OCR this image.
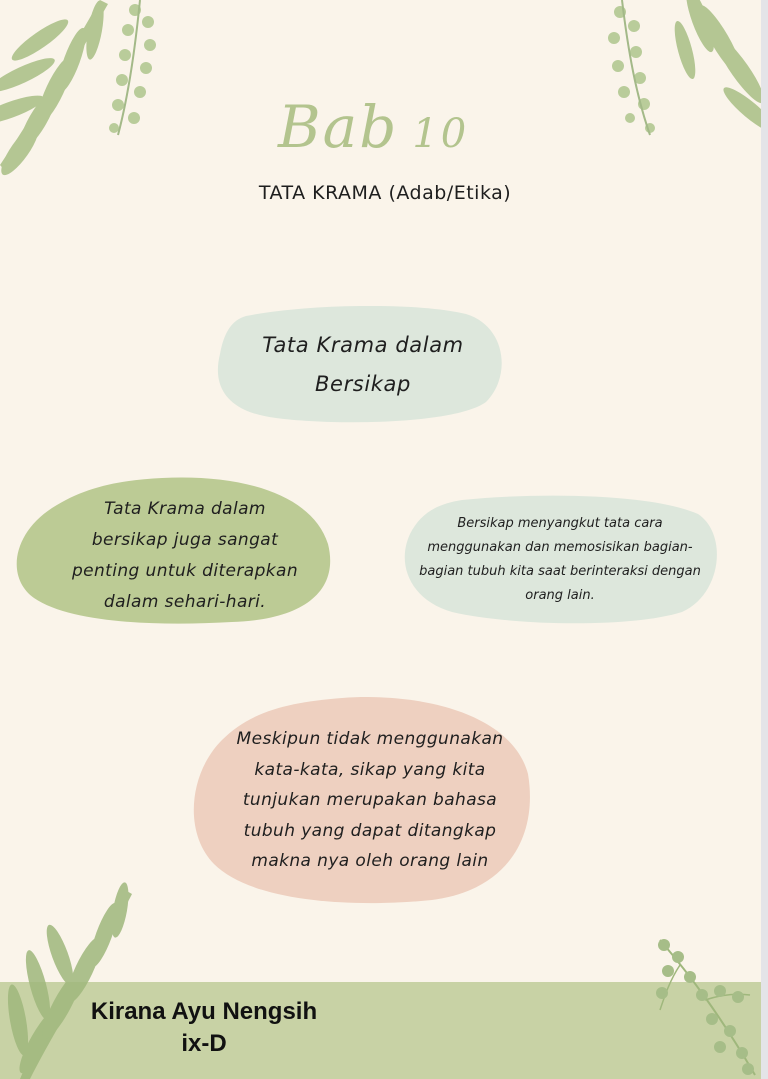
Bab 10
TATA KRAMA (Adab/Etika)
Tata Krama dalam
Bersikap
Tata Krama dalam
bersikap juga sangat
penting untuk diterapkan
dalam sehari-hari.
Bersikap menyangkut tata cara
menggunakan dan memosisikan bagian-
bagian tubuh kita saat berinteraksi dengan
orang lain.
Meskipun tidak menggunakan
kata-kata, sikap yang kita
tunjukan merupakan bahasa
tubuh yang dapat ditangkap
makna nya oleh orang lain
Kirana Ayu Nengsih
ix-D
